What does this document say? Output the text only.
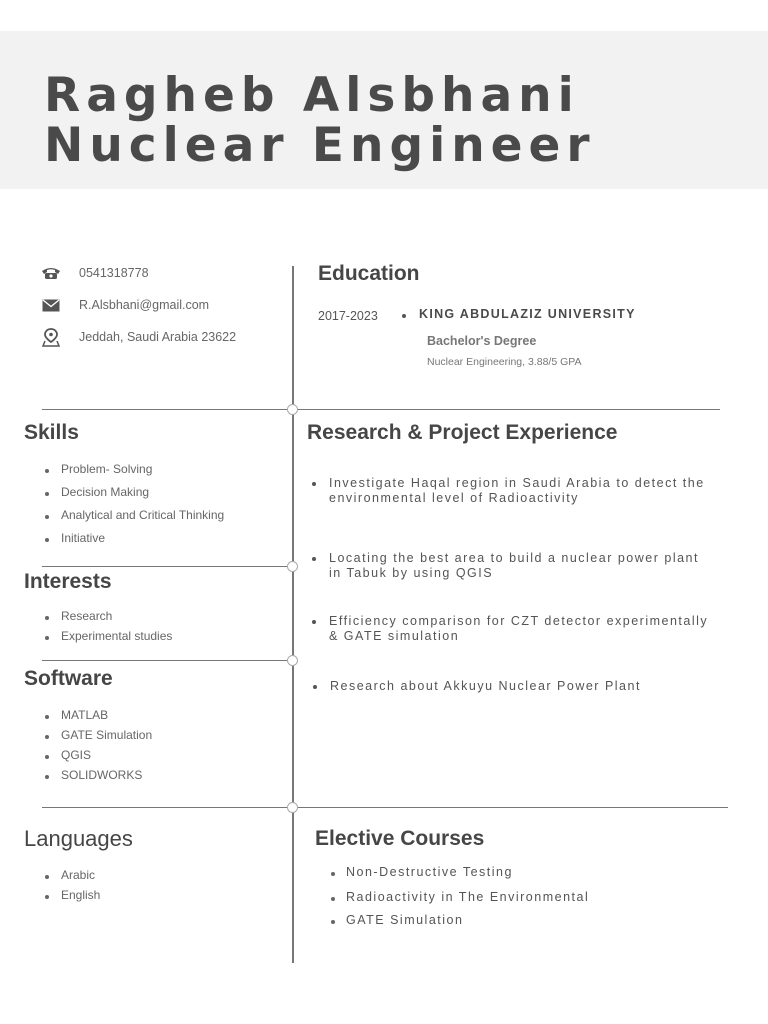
Ragheb Alsbhani
Nuclear Engineer
0541318778
R.Alsbhani@gmail.com
Jeddah, Saudi Arabia 23622
Education
2017-2023	KING ABDULAZIZ UNIVERSITY
Bachelor's Degree
Nuclear Engineering, 3.88/5 GPA
Skills
Problem- Solving
Decision Making
Analytical and Critical Thinking
Initiative
Interests
Research
Experimental studies
Software
MATLAB
GATE Simulation
QGIS
SOLIDWORKS
Languages
Arabic
English
Research & Project Experience
Investigate Haqal region in Saudi Arabia to detect the environmental level of Radioactivity
Locating the best area to build a nuclear power plant in Tabuk by using QGIS
Efficiency comparison for CZT detector experimentally & GATE simulation
Research about Akkuyu Nuclear Power Plant
Elective Courses
Non-Destructive Testing
Radioactivity in The Environmental
GATE Simulation
